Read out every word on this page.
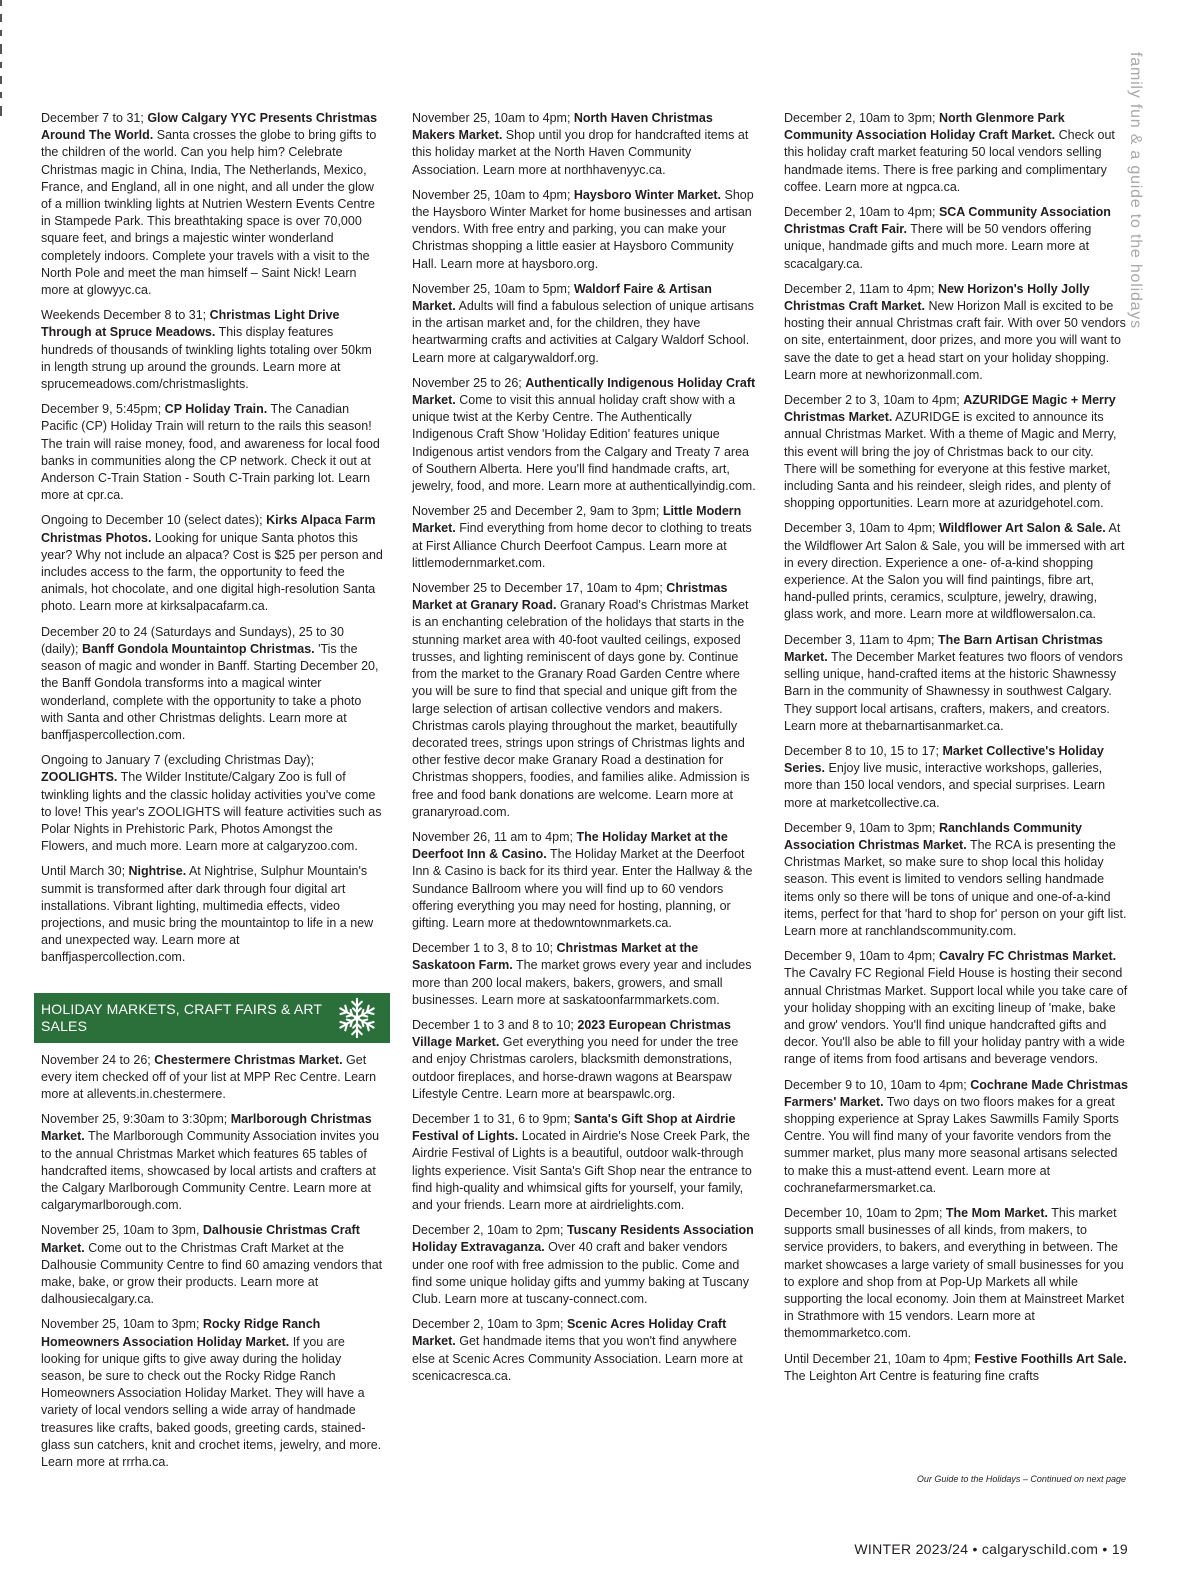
family fun & a guide to the holidays

December 7 to 31; Glow Calgary YYC Presents Christmas Around The World. Santa crosses the globe to bring gifts to the children of the world. Can you help him? Celebrate Christmas magic in China, India, The Netherlands, Mexico, France, and England, all in one night, and all under the glow of a million twinkling lights at Nutrien Western Events Centre in Stampede Park. This breathtaking space is over 70,000 square feet, and brings a majestic winter wonderland completely indoors. Complete your travels with a visit to the North Pole and meet the man himself – Saint Nick! Learn more at glowyyc.ca.

Weekends December 8 to 31; Christmas Light Drive Through at Spruce Meadows. This display features hundreds of thousands of twinkling lights totaling over 50km in length strung up around the grounds. Learn more at sprucemeadows.com/christmaslights.

December 9, 5:45pm; CP Holiday Train. The Canadian Pacific (CP) Holiday Train will return to the rails this season! The train will raise money, food, and awareness for local food banks in communities along the CP network. Check it out at Anderson C-Train Station - South C-Train parking lot. Learn more at cpr.ca.

Ongoing to December 10 (select dates); Kirks Alpaca Farm Christmas Photos. Looking for unique Santa photos this year? Why not include an alpaca? Cost is $25 per person and includes access to the farm, the opportunity to feed the animals, hot chocolate, and one digital high-resolution Santa photo. Learn more at kirksalpacafarm.ca.

December 20 to 24 (Saturdays and Sundays), 25 to 30 (daily); Banff Gondola Mountaintop Christmas. 'Tis the season of magic and wonder in Banff. Starting December 20, the Banff Gondola transforms into a magical winter wonderland, complete with the opportunity to take a photo with Santa and other Christmas delights. Learn more at banffjaspercollection.com.

Ongoing to January 7 (excluding Christmas Day); ZOOLIGHTS. The Wilder Institute/Calgary Zoo is full of twinkling lights and the classic holiday activities you've come to love! This year's ZOOLIGHTS will feature activities such as Polar Nights in Prehistoric Park, Photos Amongst the Flowers, and much more. Learn more at calgaryzoo.com.

Until March 30; Nightrise. At Nightrise, Sulphur Mountain's summit is transformed after dark through four digital art installations. Vibrant lighting, multimedia effects, video projections, and music bring the mountaintop to life in a new and unexpected way. Learn more at banffjaspercollection.com.

HOLIDAY MARKETS, CRAFT FAIRS & ART SALES

November 24 to 26; Chestermere Christmas Market. Get every item checked off of your list at MPP Rec Centre. Learn more at allevents.in.chestermere.

November 25, 9:30am to 3:30pm; Marlborough Christmas Market. The Marlborough Community Association invites you to the annual Christmas Market which features 65 tables of handcrafted items, showcased by local artists and crafters at the Calgary Marlborough Community Centre. Learn more at calgarymarlborough.com.

November 25, 10am to 3pm, Dalhousie Christmas Craft Market. Come out to the Christmas Craft Market at the Dalhousie Community Centre to find 60 amazing vendors that make, bake, or grow their products. Learn more at dalhousiecalgary.ca.

November 25, 10am to 3pm; Rocky Ridge Ranch Homeowners Association Holiday Market. If you are looking for unique gifts to give away during the holiday season, be sure to check out the Rocky Ridge Ranch Homeowners Association Holiday Market. They will have a variety of local vendors selling a wide array of handmade treasures like crafts, baked goods, greeting cards, stained-glass sun catchers, knit and crochet items, jewelry, and more. Learn more at rrrha.ca.

November 25, 10am to 4pm; North Haven Christmas Makers Market. Shop until you drop for handcrafted items at this holiday market at the North Haven Community Association. Learn more at northhavenyyc.ca.

November 25, 10am to 4pm; Haysboro Winter Market. Shop the Haysboro Winter Market for home businesses and artisan vendors. With free entry and parking, you can make your Christmas shopping a little easier at Haysboro Community Hall. Learn more at haysboro.org.

November 25, 10am to 5pm; Waldorf Faire & Artisan Market. Adults will find a fabulous selection of unique artisans in the artisan market and, for the children, they have heartwarming crafts and activities at Calgary Waldorf School. Learn more at calgarywaldorf.org.

November 25 to 26; Authentically Indigenous Holiday Craft Market. Come to visit this annual holiday craft show with a unique twist at the Kerby Centre. The Authentically Indigenous Craft Show 'Holiday Edition' features unique Indigenous artist vendors from the Calgary and Treaty 7 area of Southern Alberta. Here you'll find handmade crafts, art, jewelry, food, and more. Learn more at authenticallyindig.com.

November 25 and December 2, 9am to 3pm; Little Modern Market. Find everything from home decor to clothing to treats at First Alliance Church Deerfoot Campus. Learn more at littlemodernmarket.com.

November 25 to December 17, 10am to 4pm; Christmas Market at Granary Road. Granary Road's Christmas Market is an enchanting celebration of the holidays that starts in the stunning market area with 40-foot vaulted ceilings, exposed trusses, and lighting reminiscent of days gone by. Continue from the market to the Granary Road Garden Centre where you will be sure to find that special and unique gift from the large selection of artisan collective vendors and makers. Christmas carols playing throughout the market, beautifully decorated trees, strings upon strings of Christmas lights and other festive decor make Granary Road a destination for Christmas shoppers, foodies, and families alike. Admission is free and food bank donations are welcome. Learn more at granaryroad.com.

November 26, 11 am to 4pm; The Holiday Market at the Deerfoot Inn & Casino. The Holiday Market at the Deerfoot Inn & Casino is back for its third year. Enter the Hallway & the Sundance Ballroom where you will find up to 60 vendors offering everything you may need for hosting, planning, or gifting. Learn more at thedowntownmarkets.ca.

December 1 to 3, 8 to 10; Christmas Market at the Saskatoon Farm. The market grows every year and includes more than 200 local makers, bakers, growers, and small businesses. Learn more at saskatoonfarmmarkets.com.

December 1 to 3 and 8 to 10; 2023 European Christmas Village Market. Get everything you need for under the tree and enjoy Christmas carolers, blacksmith demonstrations, outdoor fireplaces, and horse-drawn wagons at Bearspaw Lifestyle Centre. Learn more at bearspawlc.org.

December 1 to 31, 6 to 9pm; Santa's Gift Shop at Airdrie Festival of Lights. Located in Airdrie's Nose Creek Park, the Airdrie Festival of Lights is a beautiful, outdoor walk-through lights experience. Visit Santa's Gift Shop near the entrance to find high-quality and whimsical gifts for yourself, your family, and your friends. Learn more at airdrielights.com.

December 2, 10am to 2pm; Tuscany Residents Association Holiday Extravaganza. Over 40 craft and baker vendors under one roof with free admission to the public. Come and find some unique holiday gifts and yummy baking at Tuscany Club. Learn more at tuscany-connect.com.

December 2, 10am to 3pm; Scenic Acres Holiday Craft Market. Get handmade items that you won't find anywhere else at Scenic Acres Community Association. Learn more at scenicacresca.ca.

December 2, 10am to 3pm; North Glenmore Park Community Association Holiday Craft Market. Check out this holiday craft market featuring 50 local vendors selling handmade items. There is free parking and complimentary coffee. Learn more at ngpca.ca.

December 2, 10am to 4pm; SCA Community Association Christmas Craft Fair. There will be 50 vendors offering unique, handmade gifts and much more. Learn more at scacalgary.ca.

December 2, 11am to 4pm; New Horizon's Holly Jolly Christmas Craft Market. New Horizon Mall is excited to be hosting their annual Christmas craft fair. With over 50 vendors on site, entertainment, door prizes, and more you will want to save the date to get a head start on your holiday shopping. Learn more at newhorizonmall.com.

December 2 to 3, 10am to 4pm; AZURIDGE Magic + Merry Christmas Market. AZURIDGE is excited to announce its annual Christmas Market. With a theme of Magic and Merry, this event will bring the joy of Christmas back to our city. There will be something for everyone at this festive market, including Santa and his reindeer, sleigh rides, and plenty of shopping opportunities. Learn more at azuridgehotel.com.

December 3, 10am to 4pm; Wildflower Art Salon & Sale. At the Wildflower Art Salon & Sale, you will be immersed with art in every direction. Experience a one- of-a-kind shopping experience. At the Salon you will find paintings, fibre art, hand-pulled prints, ceramics, sculpture, jewelry, drawing, glass work, and more. Learn more at wildflowersalon.ca.

December 3, 11am to 4pm; The Barn Artisan Christmas Market. The December Market features two floors of vendors selling unique, hand-crafted items at the historic Shawnessy Barn in the community of Shawnessy in southwest Calgary. They support local artisans, crafters, makers, and creators. Learn more at thebarnartisanmarket.ca.

December 8 to 10, 15 to 17; Market Collective's Holiday Series. Enjoy live music, interactive workshops, galleries, more than 150 local vendors, and special surprises. Learn more at marketcollective.ca.

December 9, 10am to 3pm; Ranchlands Community Association Christmas Market. The RCA is presenting the Christmas Market, so make sure to shop local this holiday season. This event is limited to vendors selling handmade items only so there will be tons of unique and one-of-a-kind items, perfect for that 'hard to shop for' person on your gift list. Learn more at ranchlandscommunity.com.

December 9, 10am to 4pm; Cavalry FC Christmas Market. The Cavalry FC Regional Field House is hosting their second annual Christmas Market. Support local while you take care of your holiday shopping with an exciting lineup of 'make, bake and grow' vendors. You'll find unique handcrafted gifts and decor. You'll also be able to fill your holiday pantry with a wide range of items from food artisans and beverage vendors.

December 9 to 10, 10am to 4pm; Cochrane Made Christmas Farmers' Market. Two days on two floors makes for a great shopping experience at Spray Lakes Sawmills Family Sports Centre. You will find many of your favorite vendors from the summer market, plus many more seasonal artisans selected to make this a must-attend event. Learn more at cochranefarmersmarket.ca.

December 10, 10am to 2pm; The Mom Market. This market supports small businesses of all kinds, from makers, to service providers, to bakers, and everything in between. The market showcases a large variety of small businesses for you to explore and shop from at Pop-Up Markets all while supporting the local economy. Join them at Mainstreet Market in Strathmore with 15 vendors. Learn more at themommarketco.com.

Until December 21, 10am to 4pm; Festive Foothills Art Sale. The Leighton Art Centre is featuring fine crafts

Our Guide to the Holidays – Continued on next page
WINTER 2023/24 • calgaryschild.com • 19
